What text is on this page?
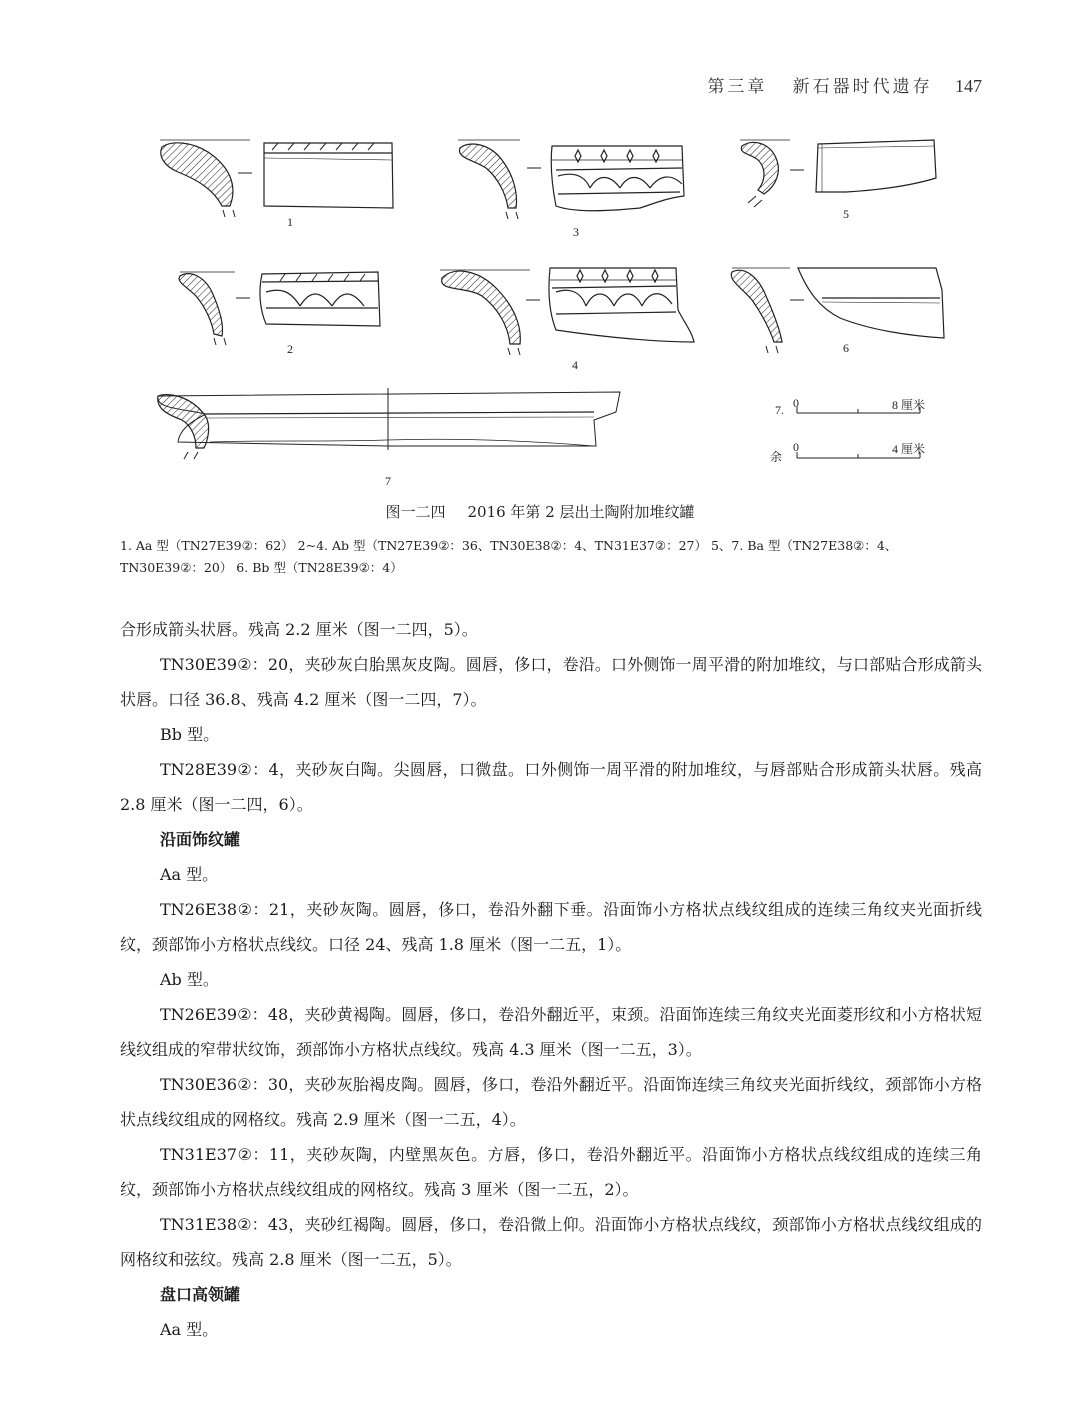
第三章 新石器时代遗存 147
1
2
3
4
5
6
7
7. 0	8 厘米
余
0	4 厘米
图一二四 2016 年第 2 层出土陶附加堆纹罐
1. Aa 型（TN27E39②：62） 2~4. Ab 型（TN27E39②：36、TN30E38②：4、TN31E37②：27） 5、7. Ba 型（TN27E38②：4、
TN30E39②：20） 6. Bb 型（TN28E39②：4）

合形成箭头状唇。残高 2.2 厘米（图一二四，5）。

TN30E39②：20，夹砂灰白胎黑灰皮陶。圆唇，侈口，卷沿。口外侧饰一周平滑的附加堆纹，与口部贴合形成箭头状唇。口径 36.8、残高 4.2 厘米（图一二四，7）。

Bb 型。

TN28E39②：4，夹砂灰白陶。尖圆唇，口微盘。口外侧饰一周平滑的附加堆纹，与唇部贴合形成箭头状唇。残高 2.8 厘米（图一二四，6）。

沿面饰纹罐

Aa 型。

TN26E38②：21，夹砂灰陶。圆唇，侈口，卷沿外翻下垂。沿面饰小方格状点线纹组成的连续三角纹夹光面折线纹，颈部饰小方格状点线纹。口径 24、残高 1.8 厘米（图一二五，1）。

Ab 型。

TN26E39②：48，夹砂黄褐陶。圆唇，侈口，卷沿外翻近平，束颈。沿面饰连续三角纹夹光面菱形纹和小方格状短线纹组成的窄带状纹饰，颈部饰小方格状点线纹。残高 4.3 厘米（图一二五，3）。

TN30E36②：30，夹砂灰胎褐皮陶。圆唇，侈口，卷沿外翻近平。沿面饰连续三角纹夹光面折线纹，颈部饰小方格状点线纹组成的网格纹。残高 2.9 厘米（图一二五，4）。

TN31E37②：11，夹砂灰陶，内壁黑灰色。方唇，侈口，卷沿外翻近平。沿面饰小方格状点线纹组成的连续三角纹，颈部饰小方格状点线纹组成的网格纹。残高 3 厘米（图一二五，2）。

TN31E38②：43，夹砂红褐陶。圆唇，侈口，卷沿微上仰。沿面饰小方格状点线纹，颈部饰小方格状点线纹组成的网格纹和弦纹。残高 2.8 厘米（图一二五，5）。

盘口高领罐

Aa 型。
